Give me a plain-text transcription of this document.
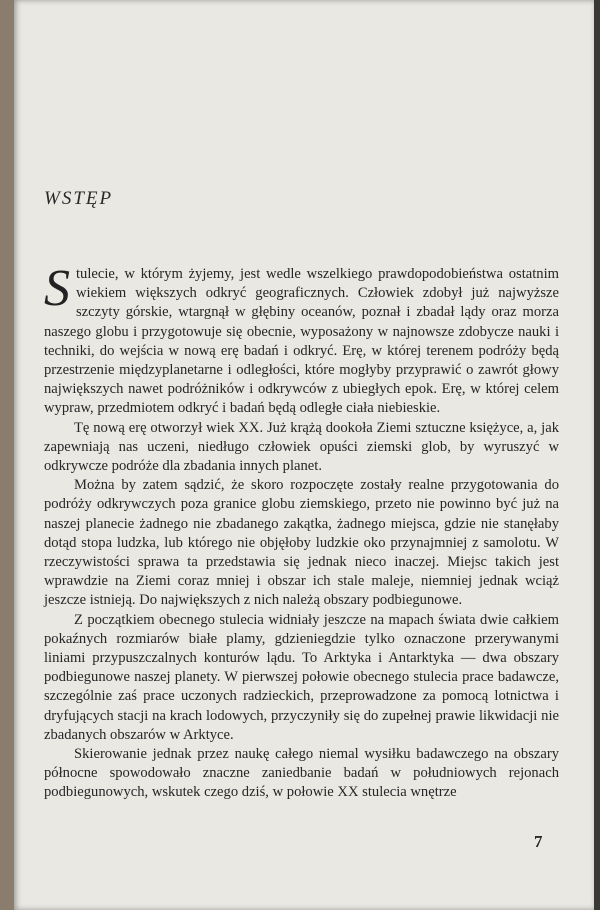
WSTĘP

Stulecie, w którym żyjemy, jest wedle wszelkiego prawdopodobieństwa ostatnim wiekiem większych odkryć geograficznych. Człowiek zdobył już najwyższe szczyty górskie, wtargnął w głębiny oceanów, poznał i zbadał lądy oraz morza naszego globu i przygotowuje się obecnie, wyposażony w najnowsze zdobycze nauki i techniki, do wejścia w nową erę badań i odkryć. Erę, w której terenem podróży będą przestrzenie międzyplanetarne i odległości, które mogłyby przyprawić o zawrót głowy największych nawet podróżników i odkrywców z ubiegłych epok. Erę, w której celem wypraw, przedmiotem odkryć i badań będą odległe ciała niebieskie.

Tę nową erę otworzył wiek XX. Już krążą dookoła Ziemi sztuczne księżyce, a, jak zapewniają nas uczeni, niedługo człowiek opuści ziemski glob, by wyruszyć w odkrywcze podróże dla zbadania innych planet.

Można by zatem sądzić, że skoro rozpoczęte zostały realne przygotowania do podróży odkrywczych poza granice globu ziemskiego, przeto nie powinno być już na naszej planecie żadnego nie zbadanego zakątka, żadnego miejsca, gdzie nie stanęłaby dotąd stopa ludzka, lub którego nie objęłoby ludzkie oko przynajmniej z samolotu. W rzeczywistości sprawa ta przedstawia się jednak nieco inaczej. Miejsc takich jest wprawdzie na Ziemi coraz mniej i obszar ich stale maleje, niemniej jednak wciąż jeszcze istnieją. Do największych z nich należą obszary podbiegunowe.

Z początkiem obecnego stulecia widniały jeszcze na mapach świata dwie całkiem pokaźnych rozmiarów białe plamy, gdzieniegdzie tylko oznaczone przerywanymi liniami przypuszczalnych konturów lądu. To Arktyka i Antarktyka — dwa obszary podbiegunowe naszej planety. W pierwszej połowie obecnego stulecia prace badawcze, szczególnie zaś prace uczonych radzieckich, przeprowadzone za pomocą lotnictwa i dryfujących stacji na krach lodowych, przyczyniły się do zupełnej prawie likwidacji nie zbadanych obszarów w Arktyce.

Skierowanie jednak przez naukę całego niemal wysiłku badawczego na obszary północne spowodowało znaczne zaniedbanie badań w południowych rejonach podbiegunowych, wskutek czego dziś, w połowie XX stulecia wnętrze

7
